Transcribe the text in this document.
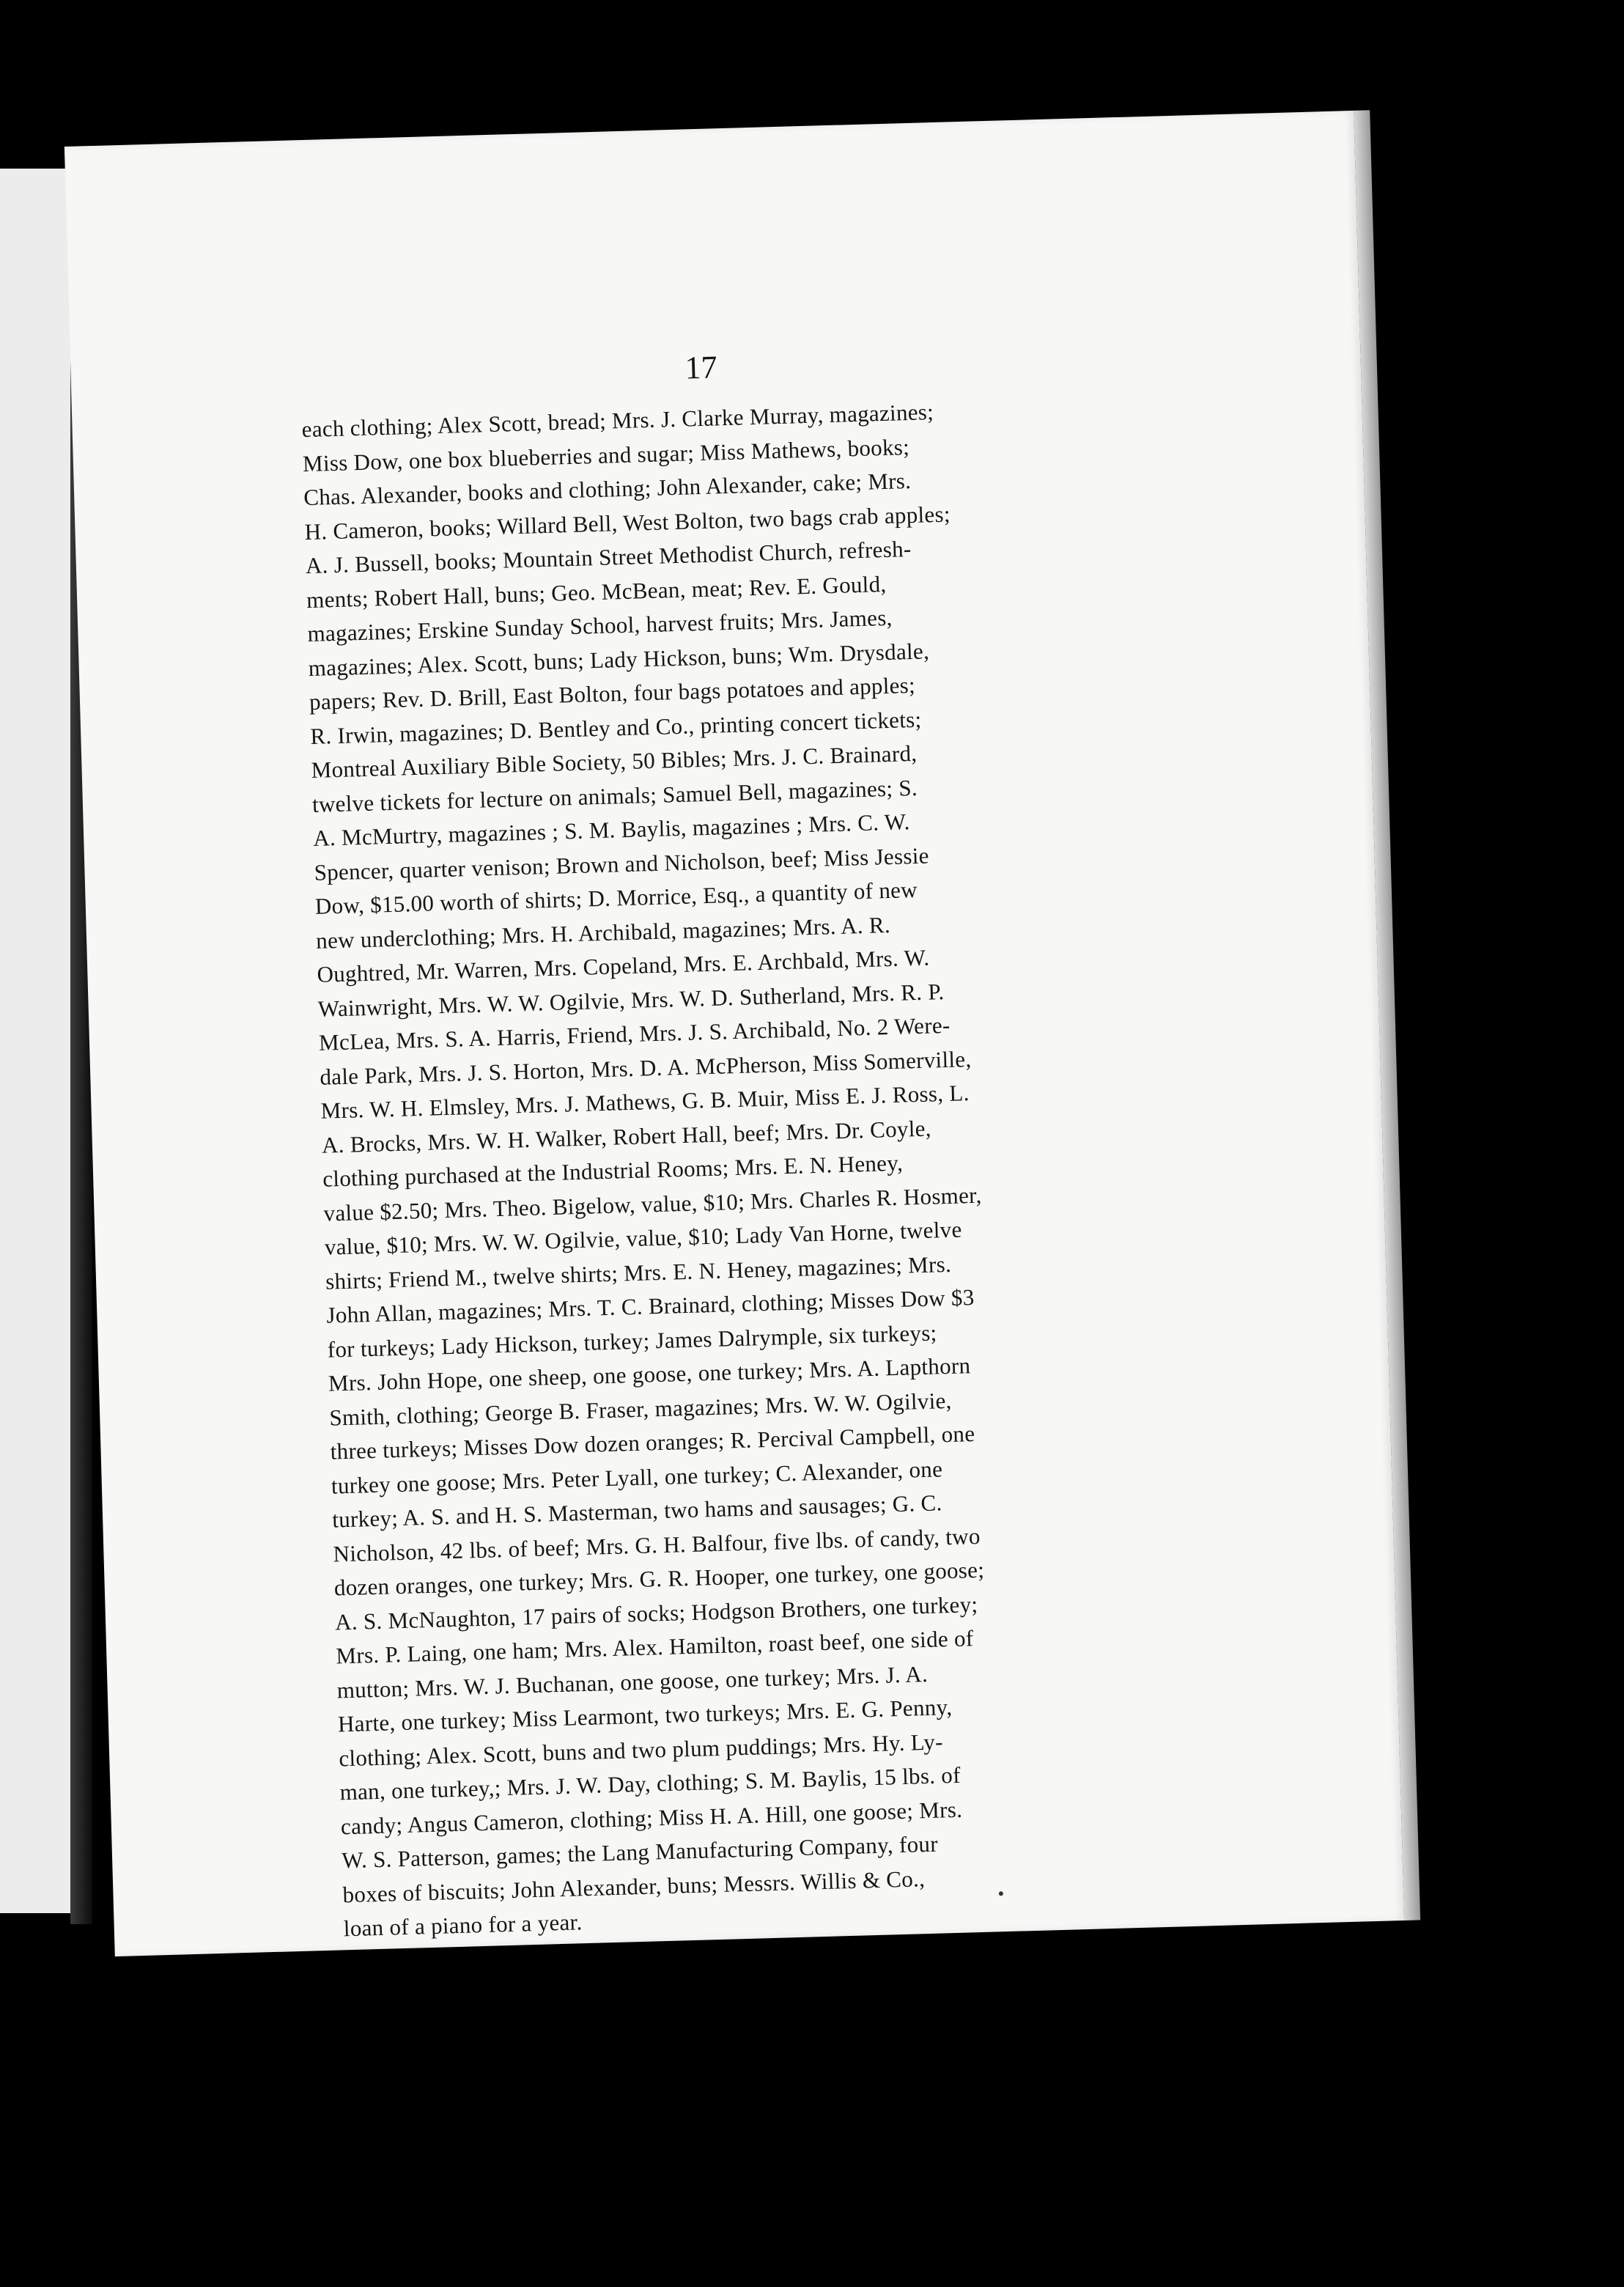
17

each clothing; Alex Scott, bread; Mrs. J. Clarke Murray, magazines;
Miss Dow, one box blueberries and sugar; Miss Mathews, books;
Chas. Alexander, books and clothing; John Alexander, cake; Mrs.
H. Cameron, books; Willard Bell, West Bolton, two bags crab apples;
A. J. Bussell, books; Mountain Street Methodist Church, refresh-
ments; Robert Hall, buns; Geo. McBean, meat; Rev. E. Gould,
magazines; Erskine Sunday School, harvest fruits; Mrs. James,
magazines; Alex. Scott, buns; Lady Hickson, buns; Wm. Drysdale,
papers; Rev. D. Brill, East Bolton, four bags potatoes and apples;
R. Irwin, magazines; D. Bentley and Co., printing concert tickets;
Montreal Auxiliary Bible Society, 50 Bibles; Mrs. J. C. Brainard,
twelve tickets for lecture on animals; Samuel Bell, magazines; S.
A. McMurtry, magazines ; S. M. Baylis, magazines ; Mrs. C. W.
Spencer, quarter venison; Brown and Nicholson, beef; Miss Jessie
Dow, $15.00 worth of shirts; D. Morrice, Esq., a quantity of new
new underclothing; Mrs. H. Archibald, magazines; Mrs. A. R.
Oughtred, Mr. Warren, Mrs. Copeland, Mrs. E. Archbald, Mrs. W.
Wainwright, Mrs. W. W. Ogilvie, Mrs. W. D. Sutherland, Mrs. R. P.
McLea, Mrs. S. A. Harris, Friend, Mrs. J. S. Archibald, No. 2 Were-
dale Park, Mrs. J. S. Horton, Mrs. D. A. McPherson, Miss Somerville,
Mrs. W. H. Elmsley, Mrs. J. Mathews, G. B. Muir, Miss E. J. Ross, L.
A. Brocks, Mrs. W. H. Walker, Robert Hall, beef; Mrs. Dr. Coyle,
clothing purchased at the Industrial Rooms; Mrs. E. N. Heney,
value $2.50; Mrs. Theo. Bigelow, value, $10; Mrs. Charles R. Hosmer,
value, $10; Mrs. W. W. Ogilvie, value, $10; Lady Van Horne, twelve
shirts; Friend M., twelve shirts; Mrs. E. N. Heney, magazines; Mrs.
John Allan, magazines; Mrs. T. C. Brainard, clothing; Misses Dow $3
for turkeys; Lady Hickson, turkey; James Dalrymple, six turkeys;
Mrs. John Hope, one sheep, one goose, one turkey; Mrs. A. Lapthorn
Smith, clothing; George B. Fraser, magazines; Mrs. W. W. Ogilvie,
three turkeys; Misses Dow dozen oranges; R. Percival Campbell, one
turkey one goose; Mrs. Peter Lyall, one turkey; C. Alexander, one
turkey; A. S. and H. S. Masterman, two hams and sausages; G. C.
Nicholson, 42 lbs. of beef; Mrs. G. H. Balfour, five lbs. of candy, two
dozen oranges, one turkey; Mrs. G. R. Hooper, one turkey, one goose;
A. S. McNaughton, 17 pairs of socks; Hodgson Brothers, one turkey;
Mrs. P. Laing, one ham; Mrs. Alex. Hamilton, roast beef, one side of
mutton; Mrs. W. J. Buchanan, one goose, one turkey; Mrs. J. A.
Harte, one turkey; Miss Learmont, two turkeys; Mrs. E. G. Penny,
clothing; Alex. Scott, buns and two plum puddings; Mrs. Hy. Ly-
man, one turkey,; Mrs. J. W. Day, clothing; S. M. Baylis, 15 lbs. of
candy; Angus Cameron, clothing; Miss H. A. Hill, one goose; Mrs.
W. S. Patterson, games; the Lang Manufacturing Company, four
boxes of biscuits; John Alexander, buns; Messrs. Willis & Co.,
loan of a piano for a year.
